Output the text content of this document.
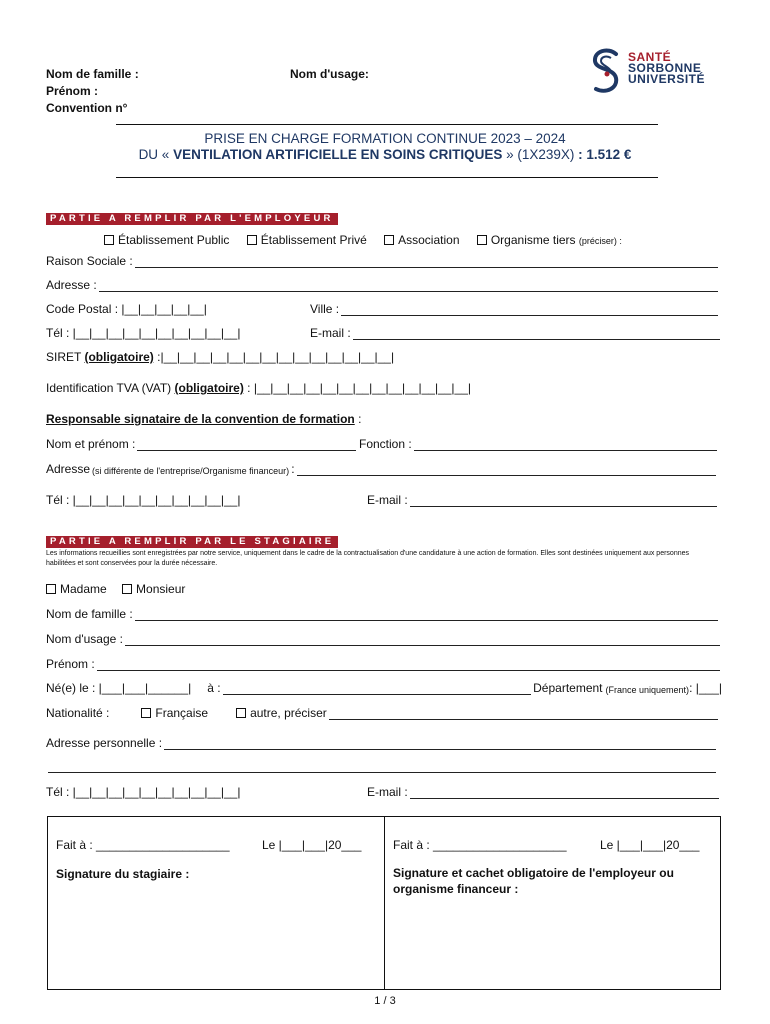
Nom de famille :
Prénom :
Convention n°
Nom d'usage:
SANTÉ
SORBONNE
UNIVERSITÉ
PRISE EN CHARGE FORMATION CONTINUE 2023 – 2024
DU « VENTILATION ARTIFICIELLE EN SOINS CRITIQUES » (1X239X) : 1.512 €
PARTIE A REMPLIR PAR L'EMPLOYEUR
Établissement Public	Établissement Privé	Association	Organisme tiers (préciser) :
Raison Sociale :
Adresse :
Code Postal : |__|__|__|__|__|	Ville :
Tél : |__|__|__|__|__|__|__|__|__|__|	E-mail :
SIRET (obligatoire) :|__|__|__|__|__|__|__|__|__|__|__|__|__|__|
Identification TVA (VAT) (obligatoire) : |__|__|__|__|__|__|__|__|__|__|__|__|__|
Responsable signataire de la convention de formation :
Nom et prénom :	Fonction :
Adresse (si différente de l'entreprise/Organisme financeur) :
Tél : |__|__|__|__|__|__|__|__|__|__|	E-mail :
PARTIE A REMPLIR PAR LE STAGIAIRE
Les informations recueillies sont enregistrées par notre service, uniquement dans le cadre de la contractualisation d'une candidature à une action de formation. Elles sont destinées uniquement aux personnes habilitées et sont conservées pour la durée nécessaire.
Madame Monsieur
Nom de famille :
Nom d'usage :
Prénom :
Né(e) le : |___|___|______| à :	Département (France uniquement) : |___|
Nationalité :	Française	autre, préciser
Adresse personnelle :
Tél : |__|__|__|__|__|__|__|__|__|__|	E-mail :
Fait à : ____________________	Le |___|___|20___
Signature du stagiaire :
Fait à : ____________________	Le |___|___|20___
Signature et cachet obligatoire de l'employeur ou organisme financeur :
1 / 3
